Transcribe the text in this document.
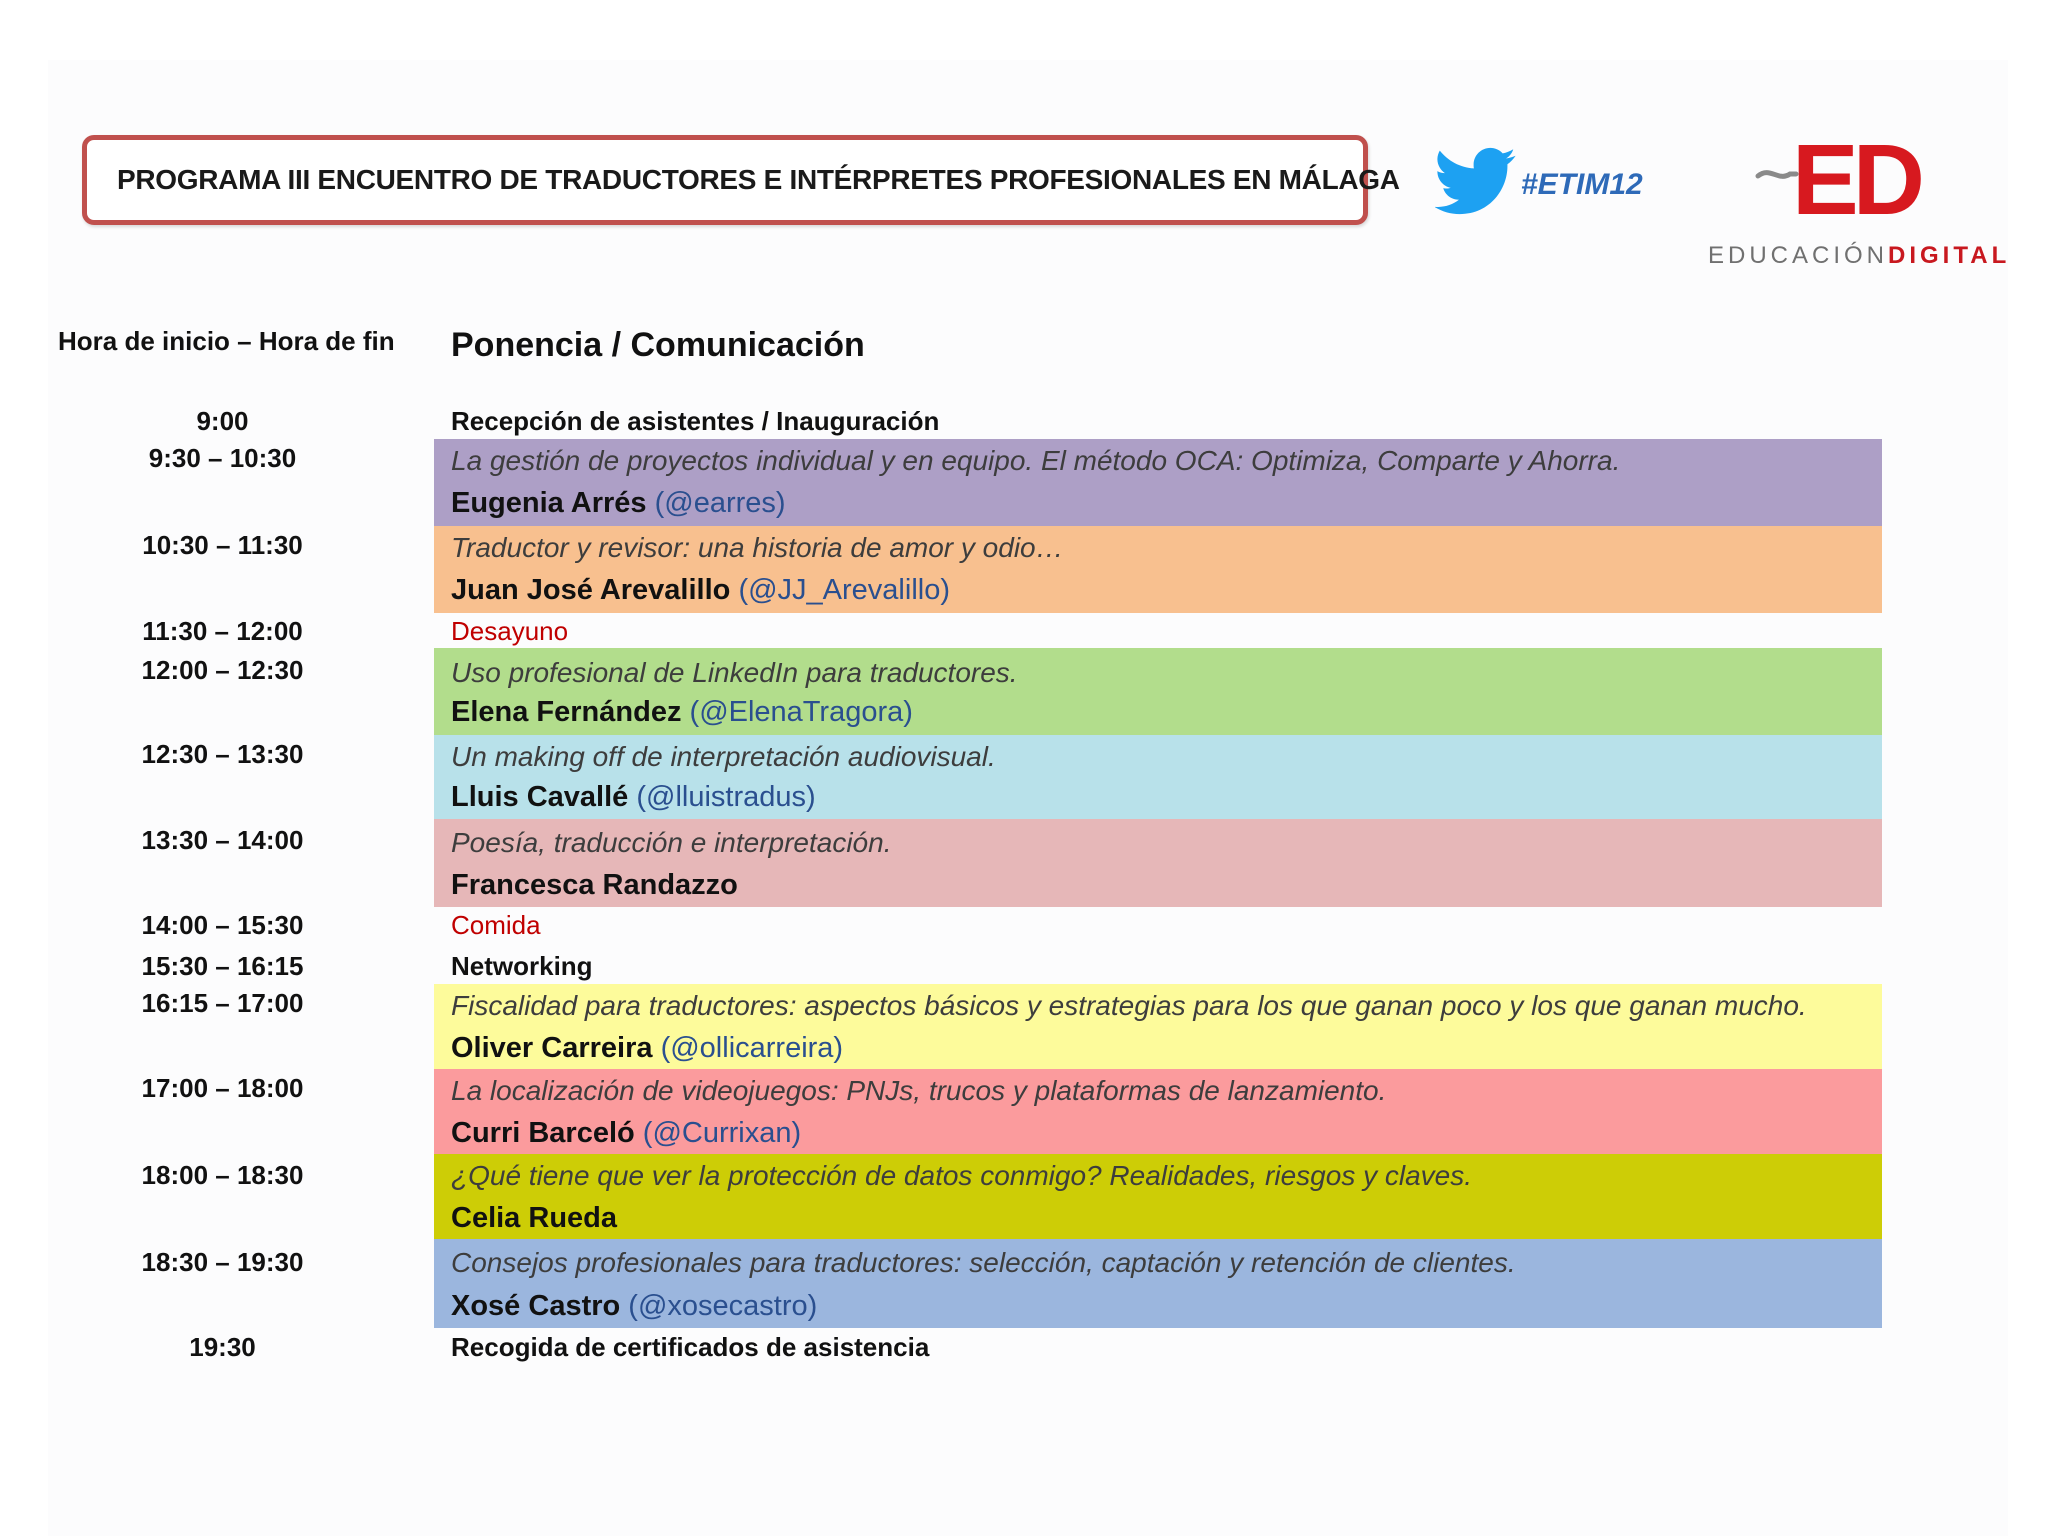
PROGRAMA III ENCUENTRO DE TRADUCTORES E INTÉRPRETES PROFESIONALES EN MÁLAGA	#ETIM12 ED
EDUCACIÓNDIGITAL
Hora de inicio – Hora de fin Ponencia / Comunicación
9:00	Recepción de asistentes / Inauguración
9:30 – 10:30	La gestión de proyectos individual y en equipo. El método OCA: Optimiza, Comparte y Ahorra.
Eugenia Arrés (@earres)
10:30 – 11:30	Traductor y revisor: una historia de amor y odio…
Juan José Arevalillo (@JJ_Arevalillo)
11:30 – 12:00	Desayuno
12:00 – 12:30	Uso profesional de LinkedIn para traductores.
Elena Fernández (@ElenaTragora)
12:30 – 13:30	Un making off de interpretación audiovisual.
Lluis Cavallé (@lluistradus)
13:30 – 14:00	Poesía, traducción e interpretación.
Francesca Randazzo
14:00 – 15:30	Comida
15:30 – 16:15	Networking
16:15 – 17:00	Fiscalidad para traductores: aspectos básicos y estrategias para los que ganan poco y los que ganan mucho.
Oliver Carreira (@ollicarreira)
17:00 – 18:00	La localización de videojuegos: PNJs, trucos y plataformas de lanzamiento.
Curri Barceló (@Currixan)
18:00 – 18:30	¿Qué tiene que ver la protección de datos conmigo? Realidades, riesgos y claves.
Celia Rueda
18:30 – 19:30	Consejos profesionales para traductores: selección, captación y retención de clientes.
Xosé Castro (@xosecastro)
19:30	Recogida de certificados de asistencia
